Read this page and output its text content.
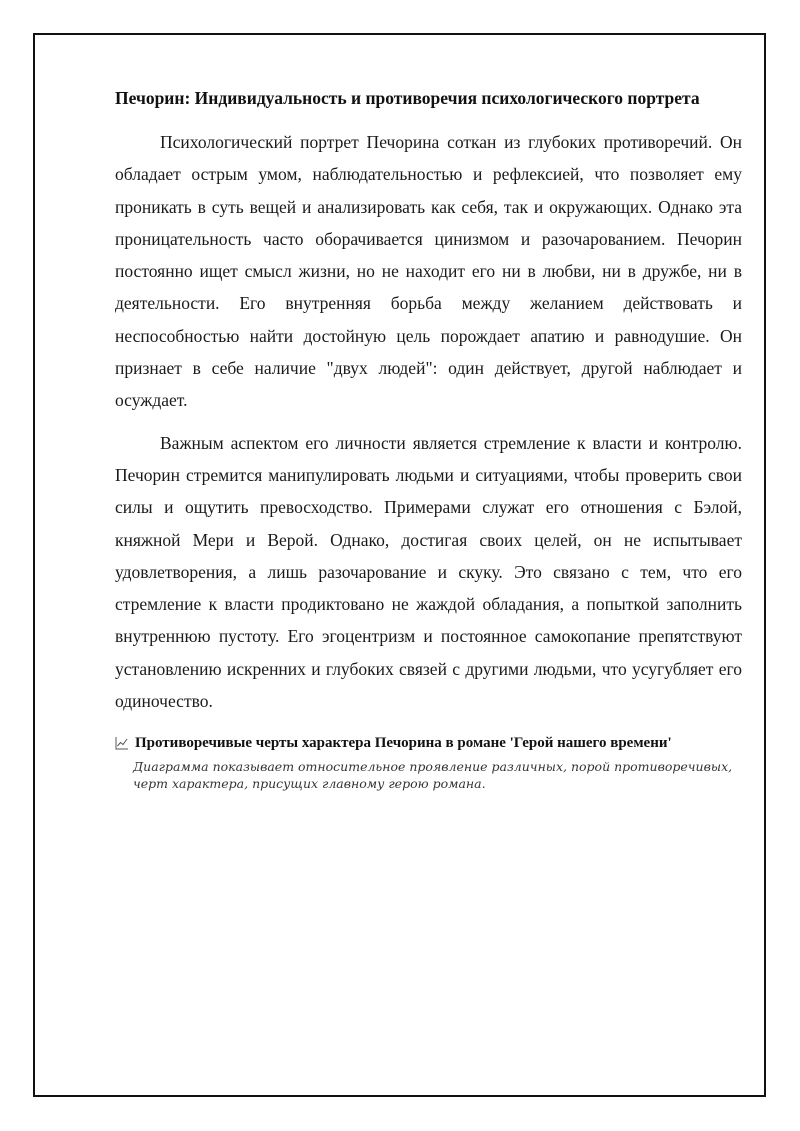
Печорин: Индивидуальность и противоречия психологического портрета

Психологический портрет Печорина соткан из глубоких противоречий. Он обладает острым умом, наблюдательностью и рефлексией, что позволяет ему проникать в суть вещей и анализировать как себя, так и окружающих. Однако эта проницательность часто оборачивается цинизмом и разочарованием. Печорин постоянно ищет смысл жизни, но не находит его ни в любви, ни в дружбе, ни в деятельности. Его внутренняя борьба между желанием действовать и неспособностью найти достойную цель порождает апатию и равнодушие. Он признает в себе наличие "двух людей": один действует, другой наблюдает и осуждает.

Важным аспектом его личности является стремление к власти и контролю. Печорин стремится манипулировать людьми и ситуациями, чтобы проверить свои силы и ощутить превосходство. Примерами служат его отношения с Бэлой, княжной Мери и Верой. Однако, достигая своих целей, он не испытывает удовлетворения, а лишь разочарование и скуку. Это связано с тем, что его стремление к власти продиктовано не жаждой обладания, а попыткой заполнить внутреннюю пустоту. Его эгоцентризм и постоянное самокопание препятствуют установлению искренних и глубоких связей с другими людьми, что усугубляет его одиночество.

Противоречивые черты характера Печорина в романе 'Герой нашего времени'
Диаграмма показывает относительное проявление различных, порой противоречивых, черт характера, присущих главному герою романа.
